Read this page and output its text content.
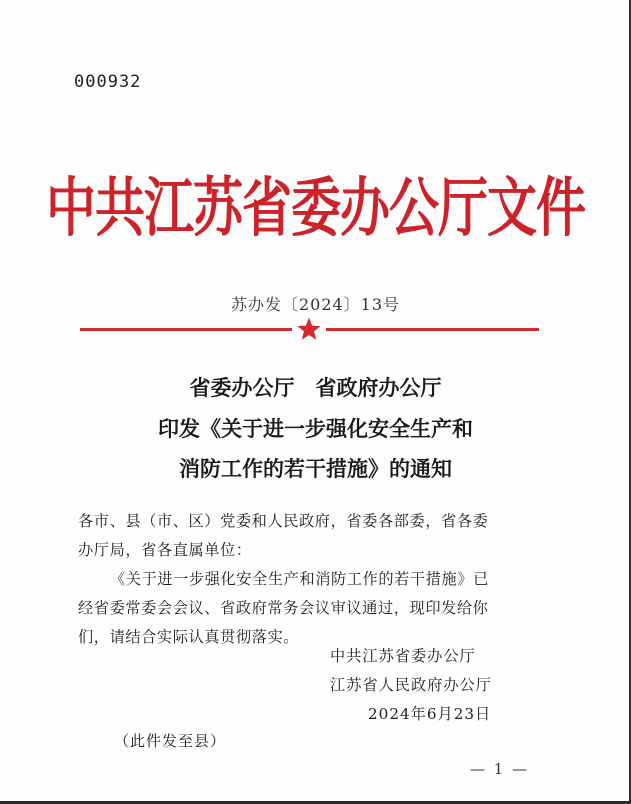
000932
中共江苏省委办公厅文件
苏办发〔2024〕13号
省委办公厅　省政府办公厅
印发《关于进一步强化安全生产和
消防工作的若干措施》的通知
各市、县（市、区）党委和人民政府，省委各部委，省各委
办厅局，省各直属单位：
《关于进一步强化安全生产和消防工作的若干措施》已
经省委常委会会议、省政府常务会议审议通过，现印发给你
们，请结合实际认真贯彻落实。
中共江苏省委办公厅
江苏省人民政府办公厅
2024年6月23日
（此件发至县）
— 1 —
